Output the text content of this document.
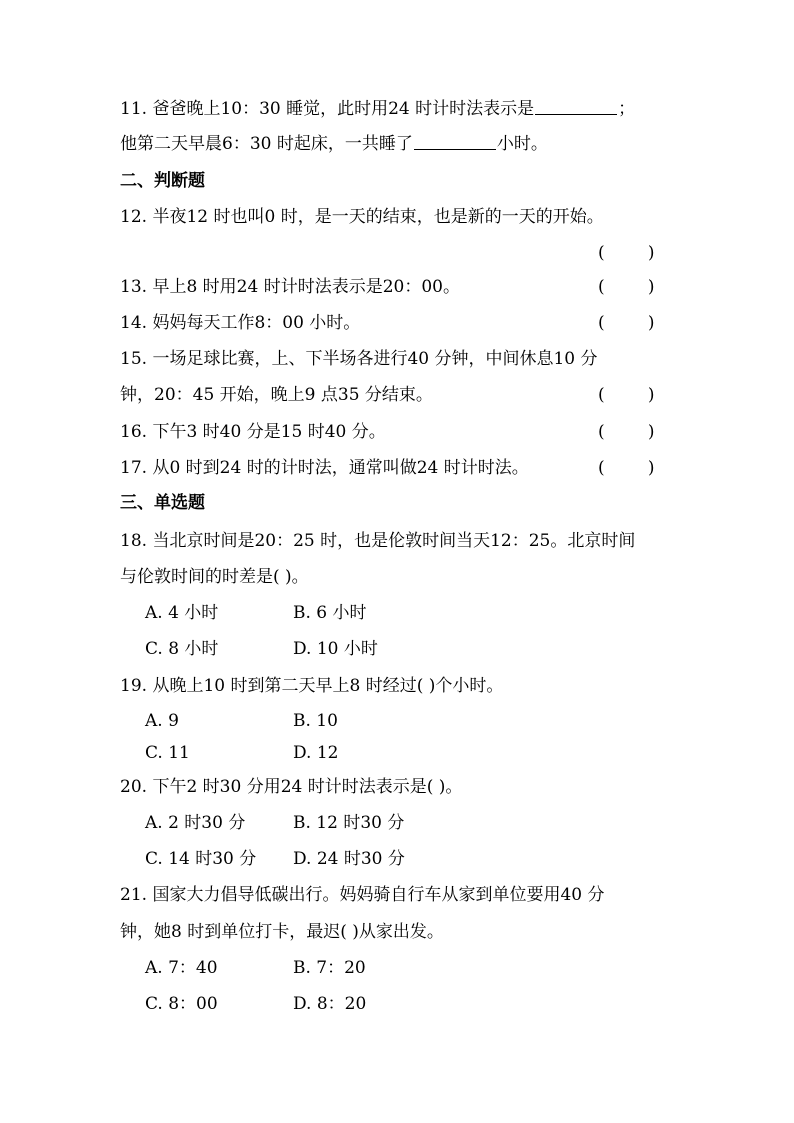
11. 爸爸晚上10：30 睡觉，此时用24 时计时法表示是	；
他第二天早晨6：30 时起床，一共睡了	小时。
二、判断题
12. 半夜12 时也叫0 时，是一天的结束，也是新的一天的开始。
(        )
13. 早上8 时用24 时计时法表示是20：00。	(        )
14. 妈妈每天工作8：00 小时。	(        )
15. 一场足球比赛，上、下半场各进行40 分钟，中间休息10 分
钟，20：45 开始，晚上9 点35 分结束。	(        )
16. 下午3 时40 分是15 时40 分。	(        )
17. 从0 时到24 时的计时法，通常叫做24 时计时法。	(        )
三、单选题
18. 当北京时间是20：25 时，也是伦敦时间当天12：25。北京时间
与伦敦时间的时差是( )。
A. 4 小时	B. 6 小时
C. 8 小时	D. 10 小时
19. 从晚上10 时到第二天早上8 时经过( )个小时。
A. 9	B. 10
C. 11	D. 12
20. 下午2 时30 分用24 时计时法表示是( )。
A. 2 时30 分	B. 12 时30 分
C. 14 时30 分 D. 24 时30 分
21. 国家大力倡导低碳出行。妈妈骑自行车从家到单位要用40 分
钟，她8 时到单位打卡，最迟( )从家出发。
A. 7：40	B. 7：20
C. 8：00	D. 8：20
